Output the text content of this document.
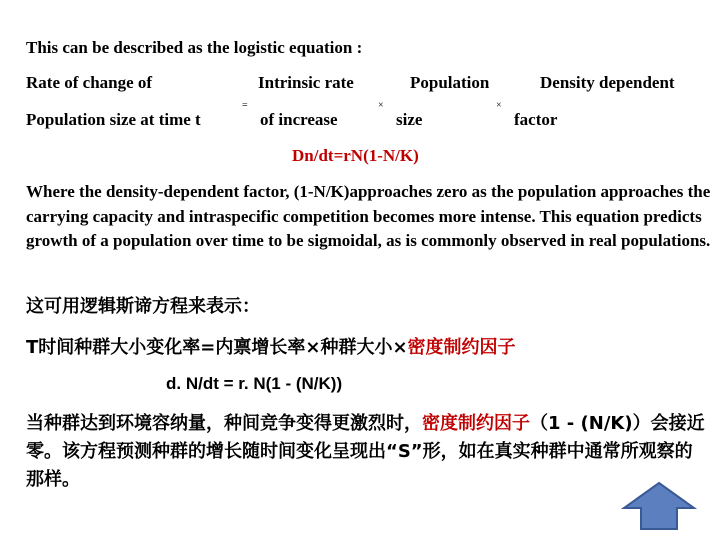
This can be described as the logistic equation :
Rate of change of
Population size at time t
=
Intrinsic rate
of increase
×
Population
size
×
Density dependent
factor
Dn/dt=rN(1-N/K)
Where the density-dependent factor, (1-N/K)approaches zero as the population approaches the carrying capacity and intraspecific competition becomes more intense. This equation predicts growth of a population over time to be sigmoidal, as is commonly observed in real populations.
这可用逻辑斯谛方程来表示：
T时间种群大小变化率=内禀增长率×种群大小×密度制约因子
d. N/dt = r. N(1 - (N/K))
当种群达到环境容纳量，种间竞争变得更激烈时，密度制约因子（1 - (N/K)）会接近零。该方程预测种群的增长随时间变化呈现出“S”形，如在真实种群中通常所观察的那样。
